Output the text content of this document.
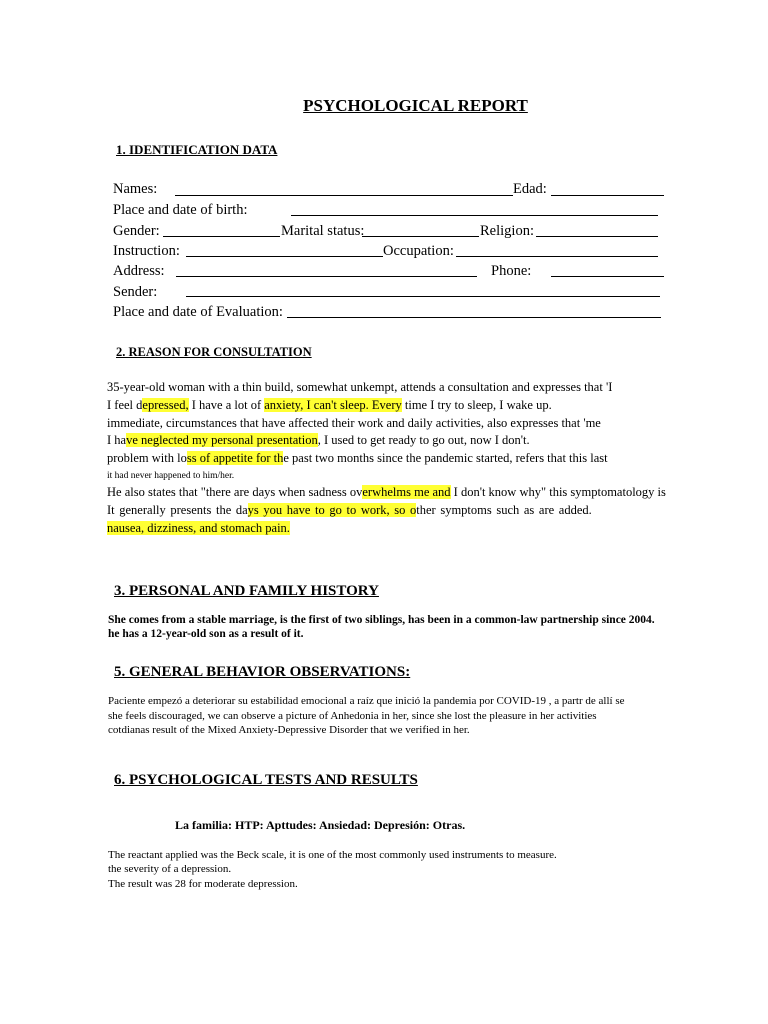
PSYCHOLOGICAL REPORT
1. IDENTIFICATION DATA
Names:	Edad:
Place and date of birth:
Gender:	Marital status:	Religion:
Instruction:	Occupation:
Address:	Phone:
Sender:
Place and date of Evaluation:
2. REASON FOR CONSULTATION
35-year-old woman with a thin build, somewhat unkempt, attends a consultation and expresses that 'I
I feel depressed, I have a lot of anxiety, I can't sleep. Every time I try to sleep, I wake up.
immediate, circumstances that have affected their work and daily activities, also expresses that 'me
I have neglected my personal presentation, I used to get ready to go out, now I don't.
problem with loss of appetite for the past two months since the pandemic started, refers that this last
it had never happened to him/her.
He also states that "there are days when sadness overwhelms me and I don't know why" this symptomatology is
It generally presents the days you have to go to work, so other symptoms such as are added.
nausea, dizziness, and stomach pain.
3. PERSONAL AND FAMILY HISTORY
She comes from a stable marriage, is the first of two siblings, has been in a common-law partnership since 2004.
he has a 12-year-old son as a result of it.
5. GENERAL BEHAVIOR OBSERVATIONS:
Paciente empezó a deteriorar su estabilidad emocional a raíz que inició la pandemia por COVID-19 , a partr de allí se
she feels discouraged, we can observe a picture of Anhedonia in her, since she lost the pleasure in her activities
cotdianas result of the Mixed Anxiety-Depressive Disorder that we verified in her.
6. PSYCHOLOGICAL TESTS AND RESULTS
La familia: HTP: Apttudes: Ansiedad: Depresión: Otras.
The reactant applied was the Beck scale, it is one of the most commonly used instruments to measure.
the severity of a depression.
The result was 28 for moderate depression.
